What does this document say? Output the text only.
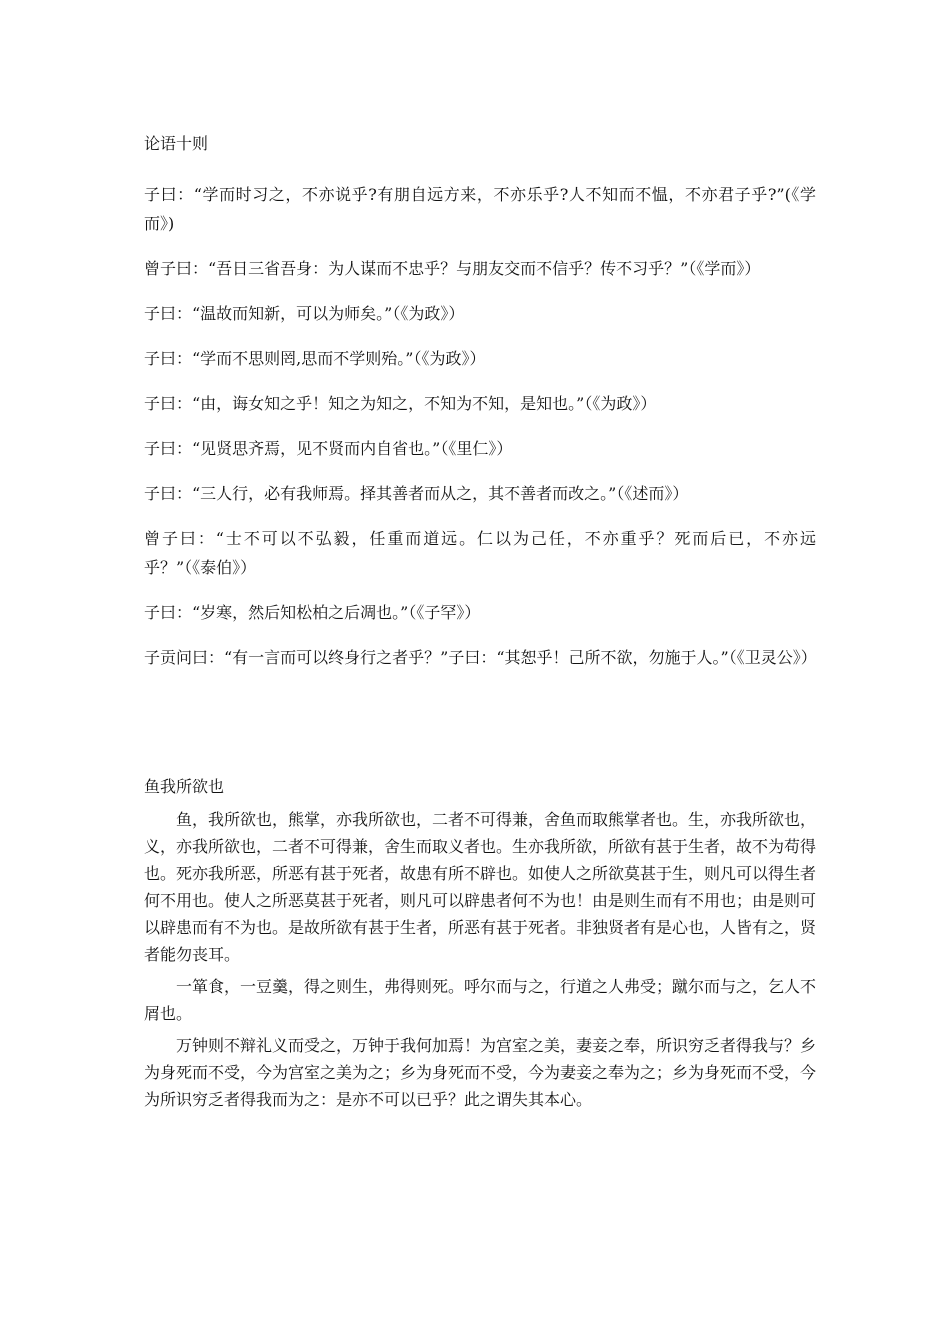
论语十则
子曰：“学而时习之，不亦说乎?有朋自远方来，不亦乐乎?人不知而不愠，不亦君子乎?”(《学而》)
曾子曰：“吾日三省吾身：为人谋而不忠乎？与朋友交而不信乎？传不习乎？”（《学而》）
子曰：“温故而知新，可以为师矣。”（《为政》）
子曰：“学而不思则罔,思而不学则殆。”（《为政》）
子曰：“由，诲女知之乎！知之为知之，不知为不知，是知也。”（《为政》）
子曰：“见贤思齐焉，见不贤而内自省也。”（《里仁》）
子曰：“三人行，必有我师焉。择其善者而从之，其不善者而改之。”（《述而》）
曾子曰：“士不可以不弘毅，任重而道远。仁以为己任，不亦重乎？死而后已，不亦远乎？”（《泰伯》）
子曰：“岁寒，然后知松柏之后凋也。”（《子罕》）
子贡问曰：“有一言而可以终身行之者乎？”子曰：“其恕乎！己所不欲，勿施于人。”（《卫灵公》）
鱼我所欲也

鱼，我所欲也，熊掌，亦我所欲也，二者不可得兼，舍鱼而取熊掌者也。生，亦我所欲也，义，亦我所欲也，二者不可得兼，舍生而取义者也。生亦我所欲，所欲有甚于生者，故不为苟得也。死亦我所恶，所恶有甚于死者，故患有所不辟也。如使人之所欲莫甚于生，则凡可以得生者何不用也。使人之所恶莫甚于死者，则凡可以辟患者何不为也！由是则生而有不用也；由是则可以辟患而有不为也。是故所欲有甚于生者，所恶有甚于死者。非独贤者有是心也，人皆有之，贤者能勿丧耳。

一箪食，一豆羹，得之则生，弗得则死。呼尔而与之，行道之人弗受；蹴尔而与之，乞人不屑也。

万钟则不辩礼义而受之，万钟于我何加焉！为宫室之美，妻妾之奉，所识穷乏者得我与？乡为身死而不受，今为宫室之美为之；乡为身死而不受，今为妻妾之奉为之；乡为身死而不受，今为所识穷乏者得我而为之：是亦不可以已乎？此之谓失其本心。
